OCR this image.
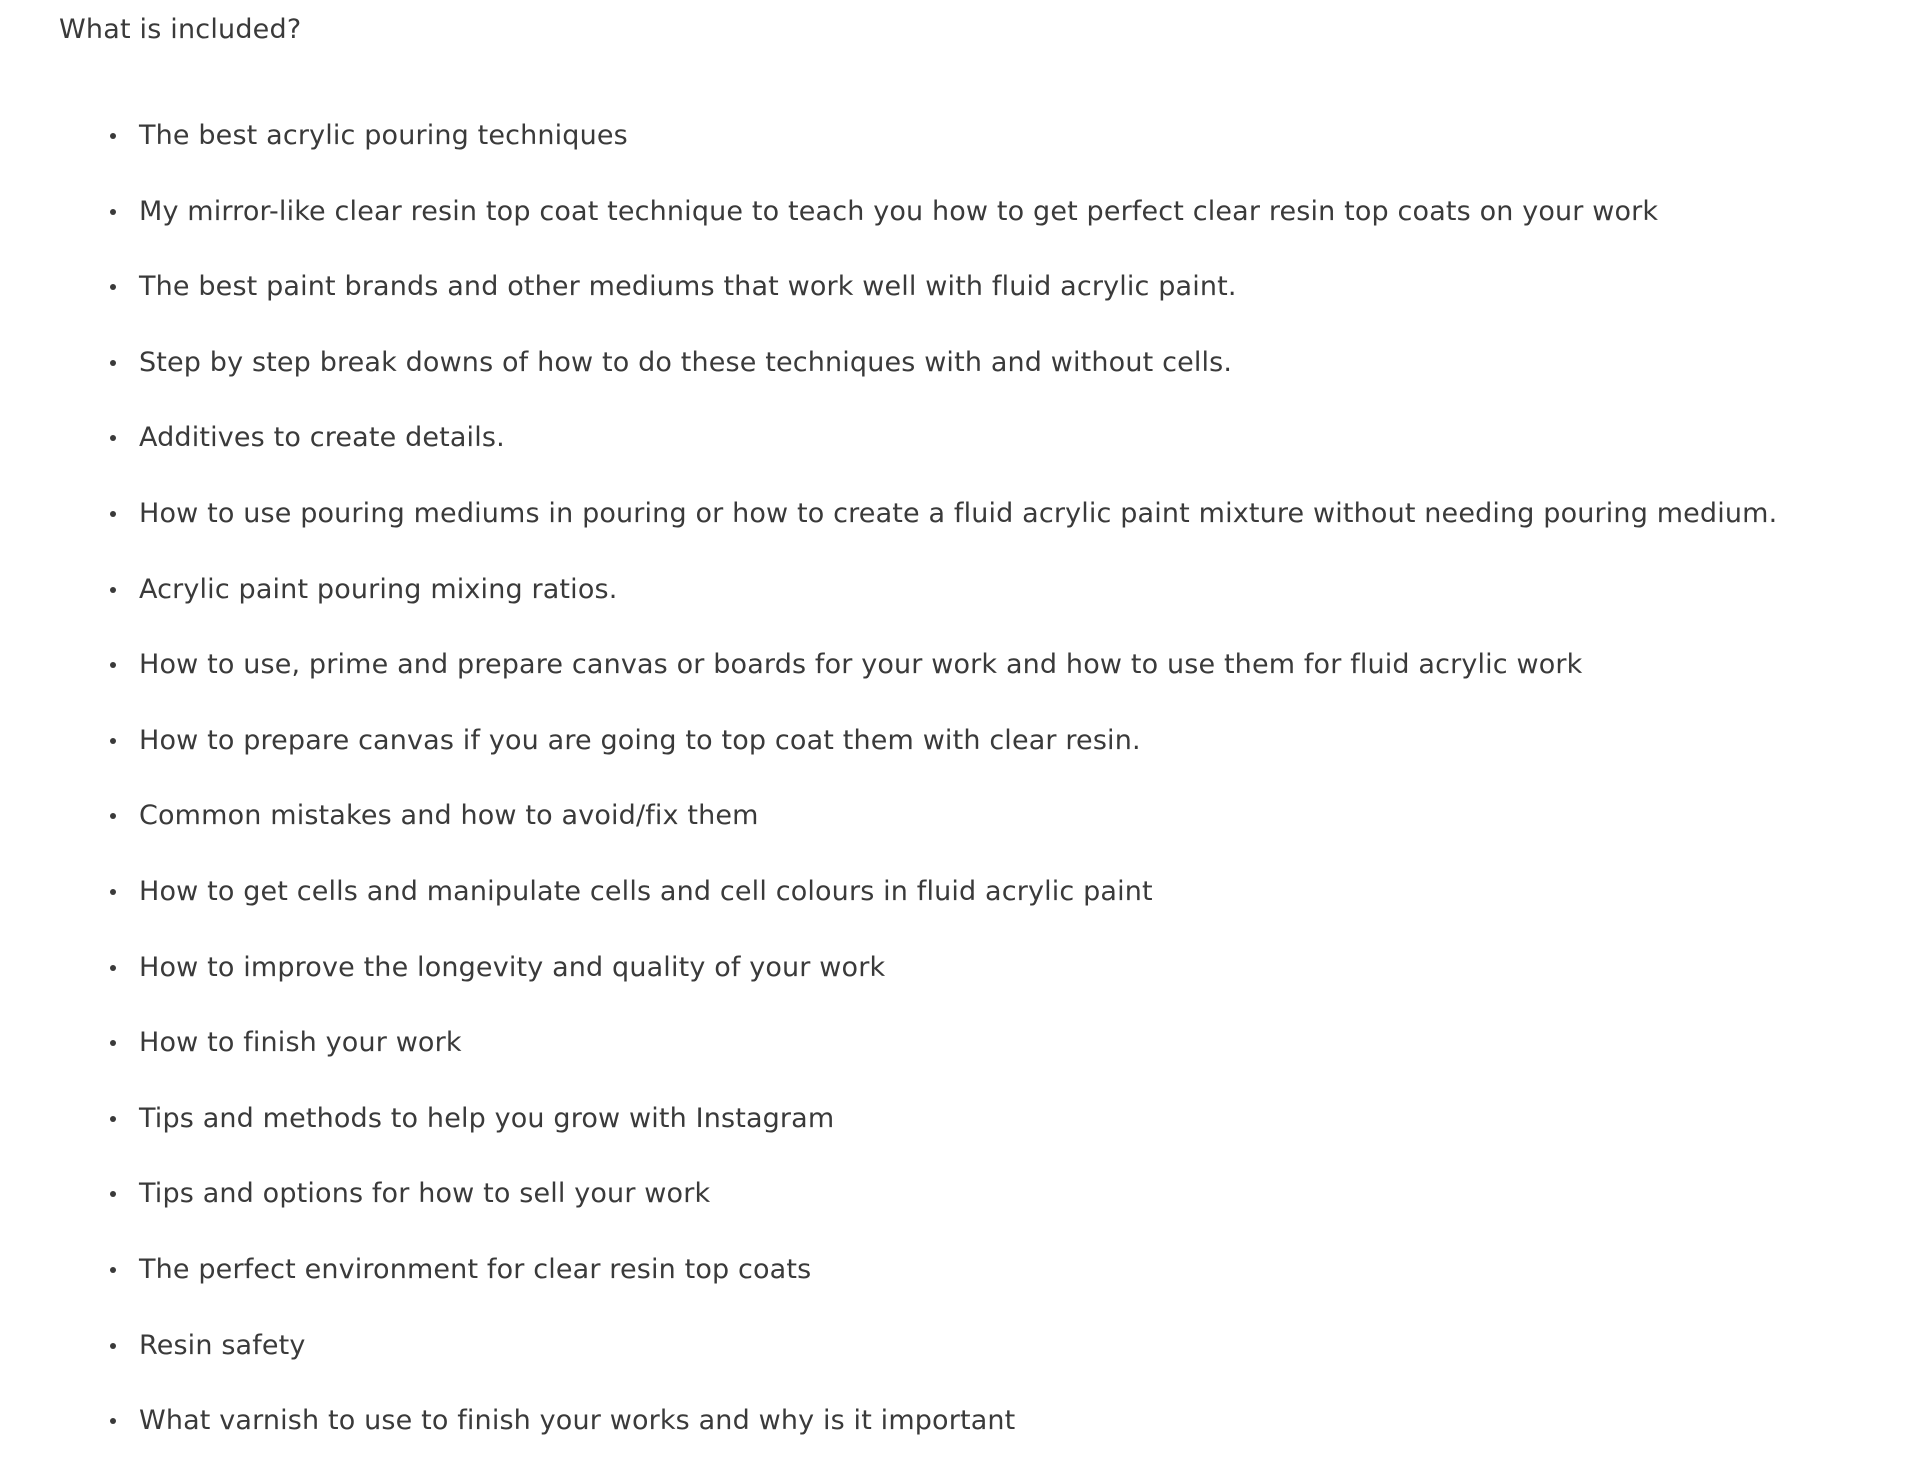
What is included?
The best acrylic pouring techniques
My mirror-like clear resin top coat technique to teach you how to get perfect clear resin top coats on your work
The best paint brands and other mediums that work well with fluid acrylic paint.
Step by step break downs of how to do these techniques with and without cells.
Additives to create details.
How to use pouring mediums in pouring or how to create a fluid acrylic paint mixture without needing pouring medium.
Acrylic paint pouring mixing ratios.
How to use, prime and prepare canvas or boards for your work and how to use them for fluid acrylic work
How to prepare canvas if you are going to top coat them with clear resin.
Common mistakes and how to avoid/fix them
How to get cells and manipulate cells and cell colours in fluid acrylic paint
How to improve the longevity and quality of your work
How to finish your work
Tips and methods to help you grow with Instagram
Tips and options for how to sell your work
The perfect environment for clear resin top coats
Resin safety
What varnish to use to finish your works and why is it important
